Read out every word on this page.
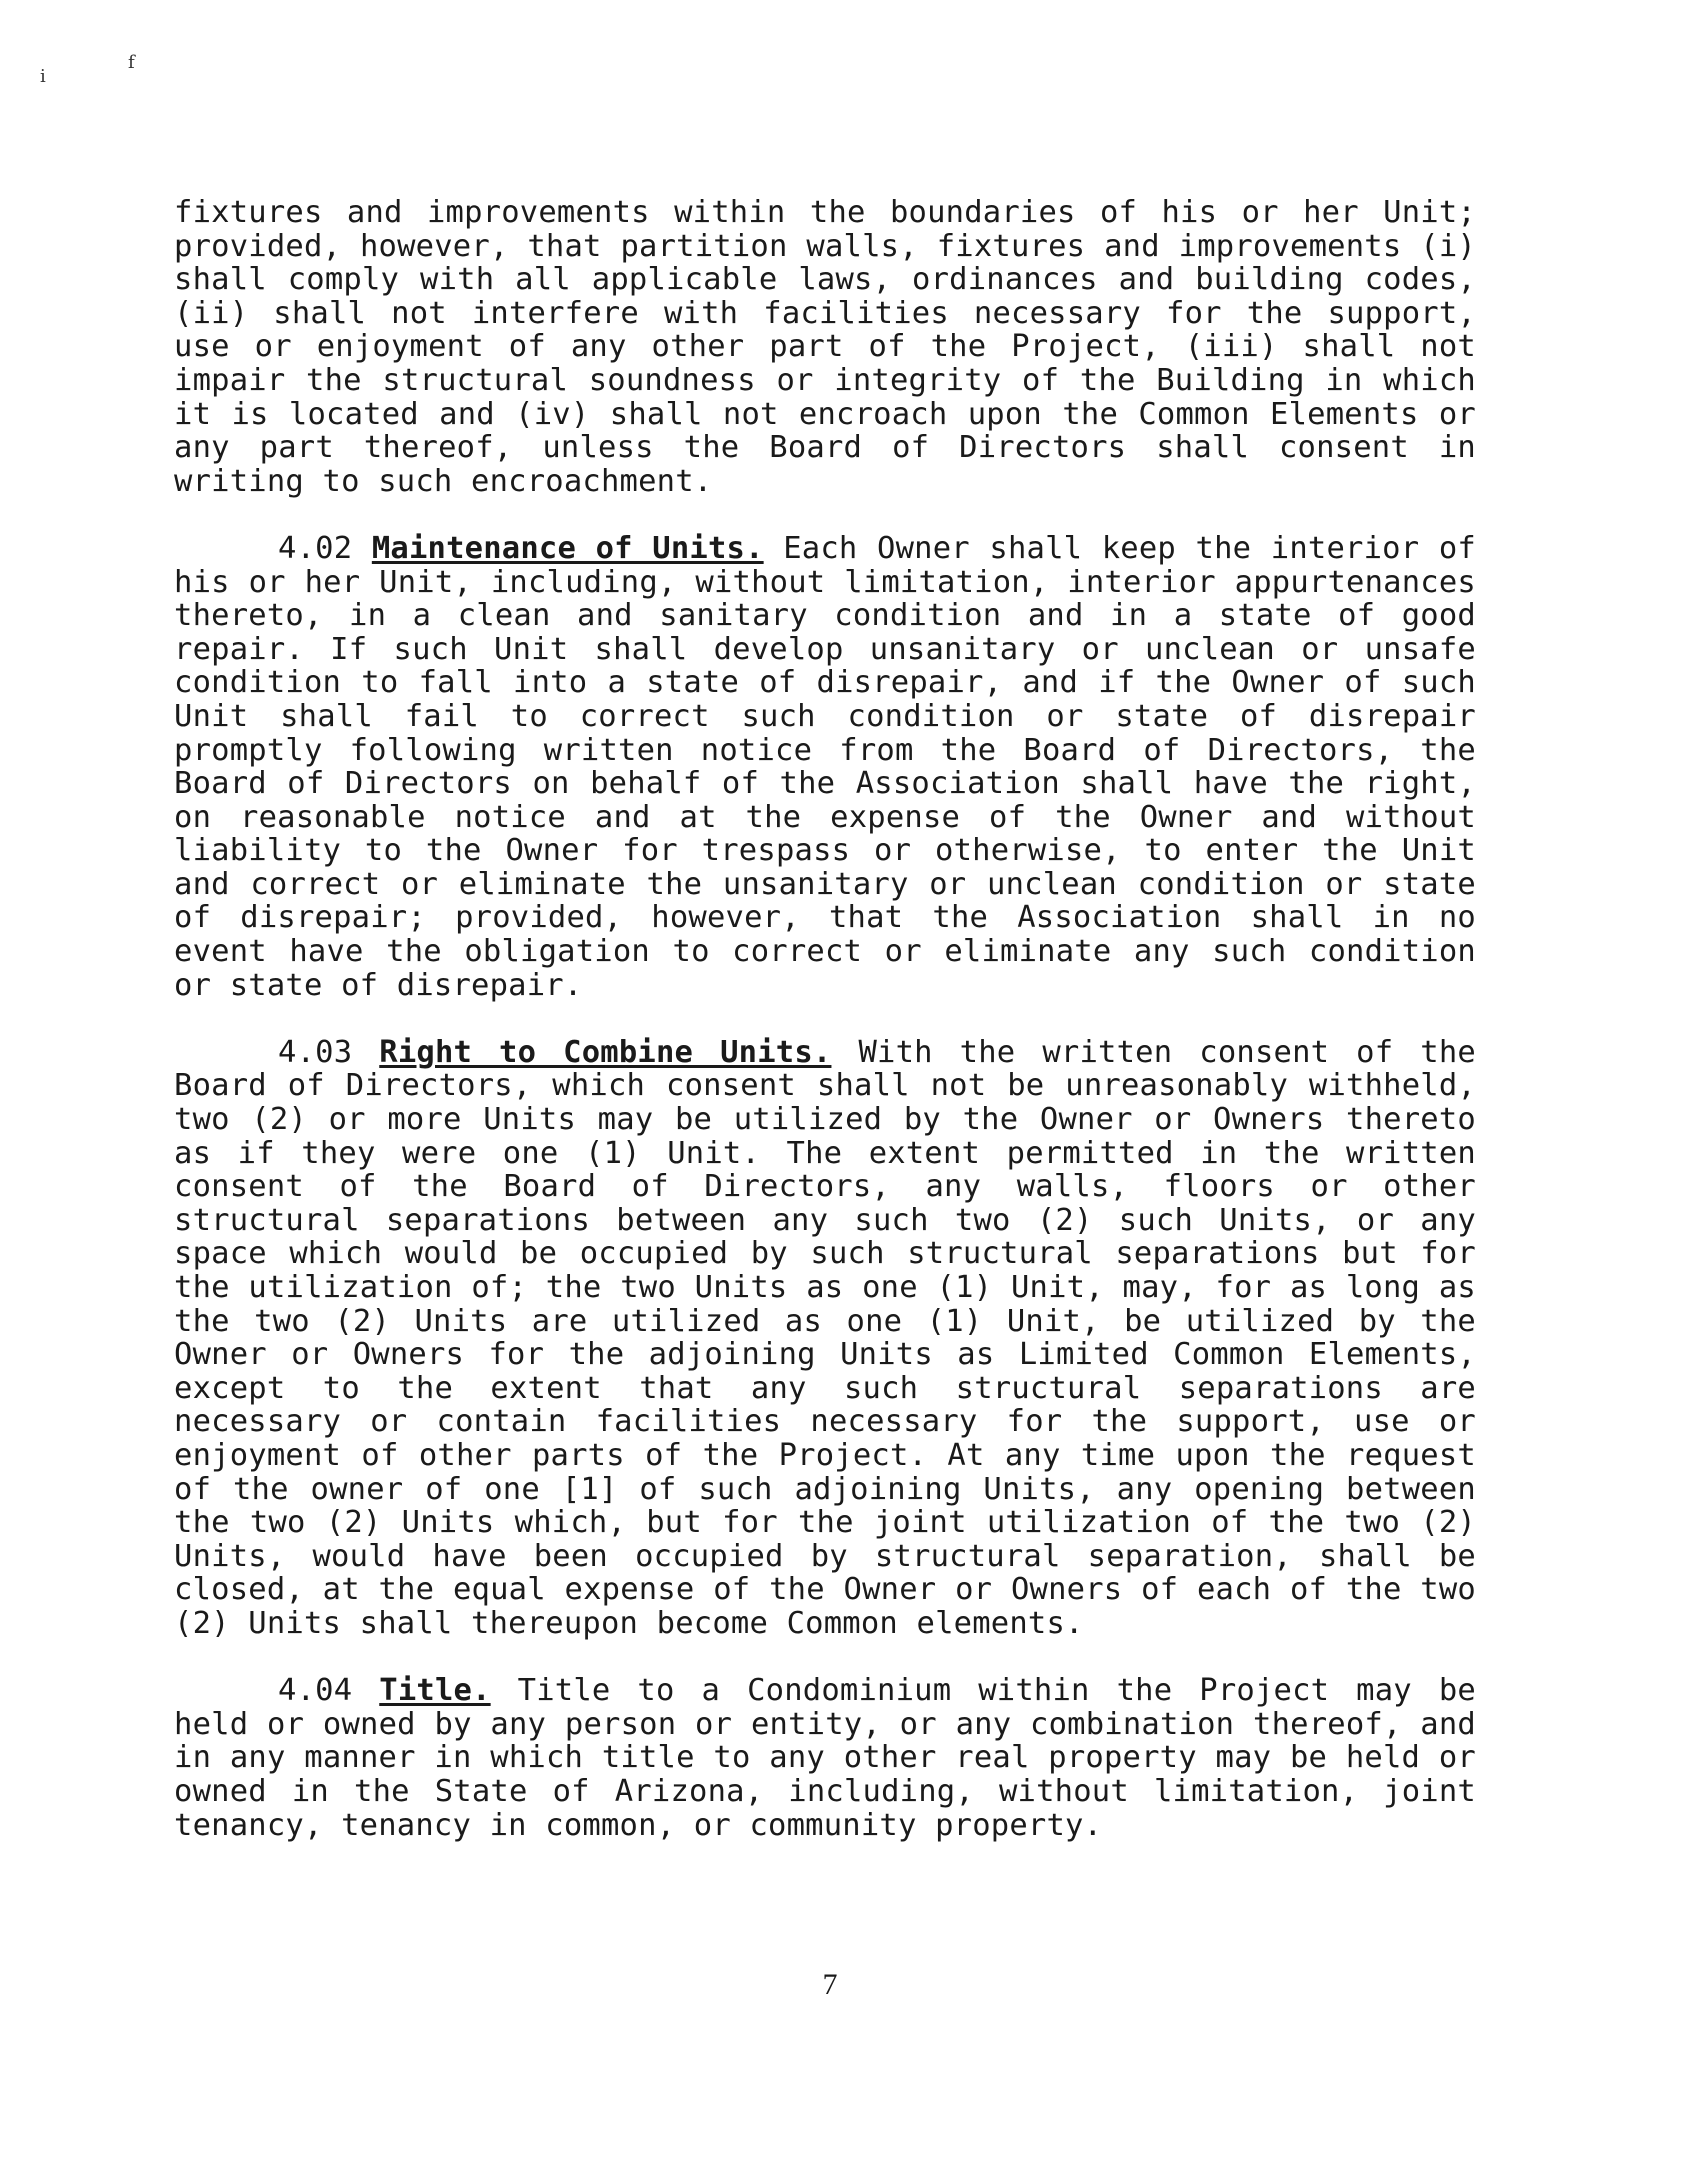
i
f

fixtures and improvements within the boundaries of his or her Unit; provided, however, that partition walls, fixtures and improvements (i) shall comply with all applicable laws, ordinances and building codes, (ii) shall not interfere with facilities necessary for the support, use or enjoyment of any other part of the Project, (iii) shall not impair the structural soundness or integrity of the Building in which it is located and (iv) shall not encroach upon the Common Elements or any part thereof, unless the Board of Directors shall consent in writing to such encroachment.

4.02 Maintenance of Units. Each Owner shall keep the interior of his or her Unit, including, without limitation, interior appurtenances thereto, in a clean and sanitary condition and in a state of good repair. If such Unit shall develop unsanitary or unclean or unsafe condition to fall into a state of disrepair, and if the Owner of such Unit shall fail to correct such condition or state of disrepair promptly following written notice from the Board of Directors, the Board of Directors on behalf of the Association shall have the right, on reasonable notice and at the expense of the Owner and without liability to the Owner for trespass or otherwise, to enter the Unit and correct or eliminate the unsanitary or unclean condition or state of disrepair; provided, however, that the Association shall in no event have the obligation to correct or eliminate any such condition or state of disrepair.

4.03 Right to Combine Units. With the written consent of the Board of Directors, which consent shall not be unreasonably withheld, two (2) or more Units may be utilized by the Owner or Owners thereto as if they were one (1) Unit. The extent permitted in the written consent of the Board of Directors, any walls, floors or other structural separations between any such two (2) such Units, or any space which would be occupied by such structural separations but for the utilization of; the two Units as one (1) Unit, may, for as long as the two (2) Units are utilized as one (1) Unit, be utilized by the Owner or Owners for the adjoining Units as Limited Common Elements, except to the extent that any such structural separations are necessary or contain facilities necessary for the support, use or enjoyment of other parts of the Project. At any time upon the request of the owner of one [1] of such adjoining Units, any opening between the two (2) Units which, but for the joint utilization of the two (2) Units, would have been occupied by structural separation, shall be closed, at the equal expense of the Owner or Owners of each of the two (2) Units shall thereupon become Common elements.

4.04 Title. Title to a Condominium within the Project may be held or owned by any person or entity, or any combination thereof, and in any manner in which title to any other real property may be held or owned in the State of Arizona, including, without limitation, joint tenancy, tenancy in common, or community property.

7
